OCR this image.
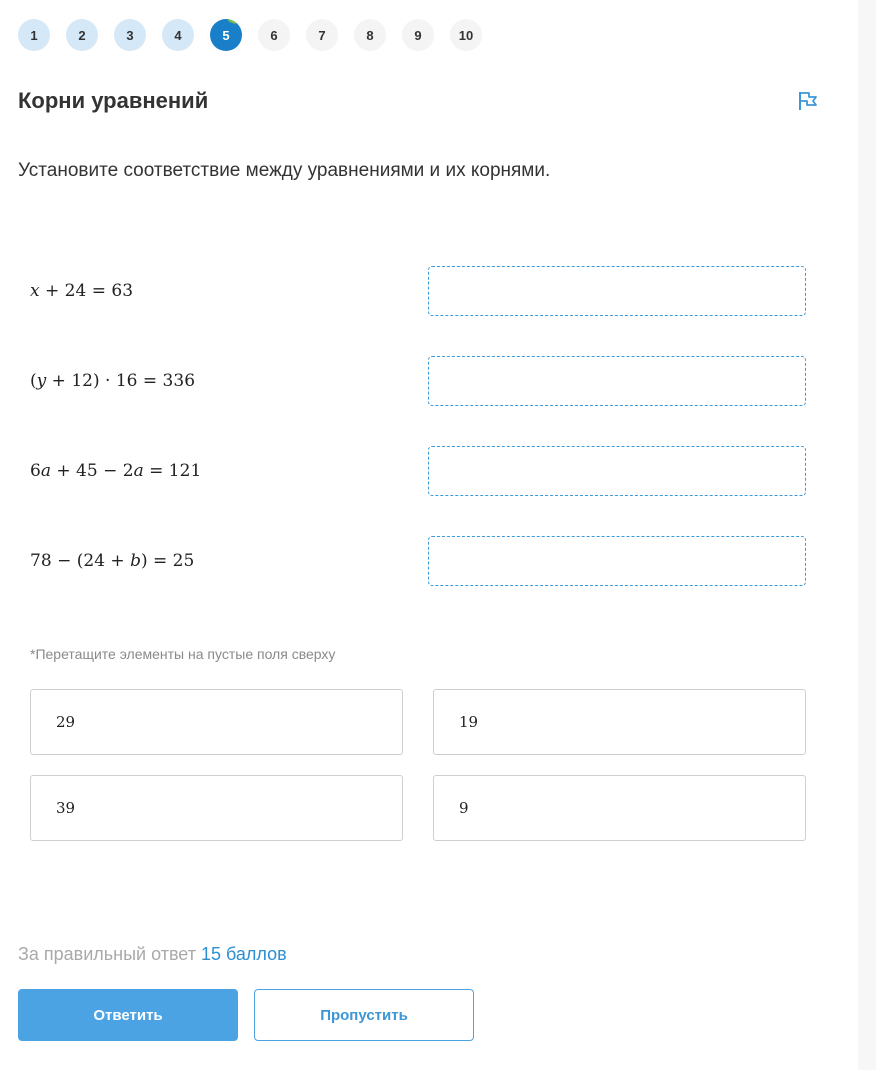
1	2	3	4	5	6	7	8	9	10
Корни уравнений
Установите соответствие между уравнениями и их корнями.
x + 24 = 63
(y + 12) · 16 = 336
6a + 45 − 2a = 121
78 − (24 + b) = 25
*Перетащите элементы на пустые поля сверху
29	19
39	9
За правильный ответ 15 баллов
Ответить	Пропустить
